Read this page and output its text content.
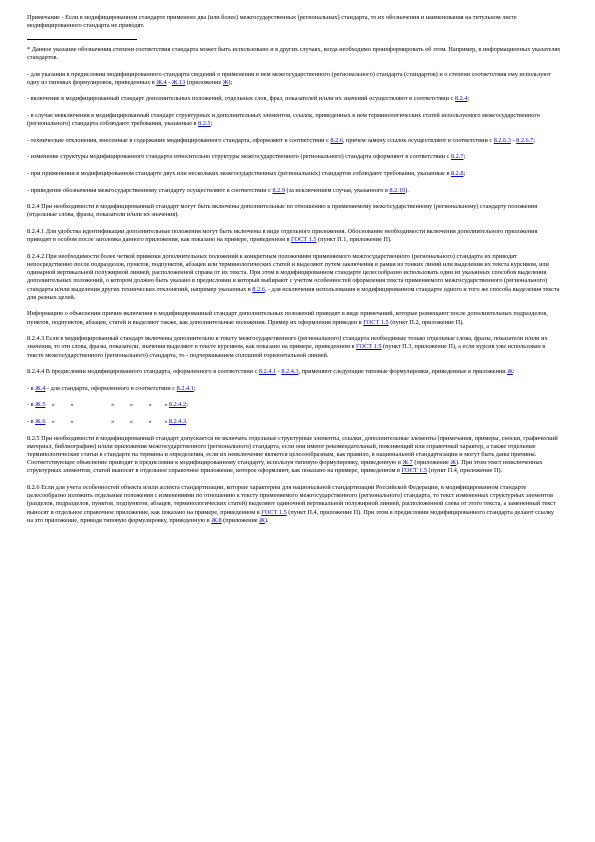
Примечание - Если в модифицированном стандарте применено два (или более) межгосударственных (региональных) стандарта, то их обозначения и наименования на титульном листе модифицированного стандарта не приводят.

* Данное указание обозначения степени соответствия стандарта может быть использовано и в других случаях, когда необходимо проинформировать об этом. Например, в информационных указателях стандартов.

- для указания в предисловии модифицированного стандарта сведений о применении в нем межгосударственного (регионального) стандарта (стандартов) и о степени соответствия ему используют одну из типовых формулировок, приведенных в Ж.4 - Ж.13 (приложение Ж);

- включение в модифицированный стандарт дополнительных положений, отдельных слов, фраз, показателей и/или их значений осуществляют в соответствии с 8.2.4;

- в случае невключения в модифицированный стандарт структурных и дополнительных элементов, ссылок, приведенных в нем терминологических статей используемого межгосударственного (регионального) стандарта соблюдают требования, указанные в 8.2.5;

- технические отклонения, внесенные в содержание модифицированного стандарта, оформляют в соответствии с 8.2.6, причем замену ссылок осуществляют в соответствии с 8.2.6.3 - 8.2.6.7;

- изменение структуры модифицированного стандарта относительно структуры межгосударственного (регионального) стандарта оформляют в соответствии с 8.2.7;

- при применении в модифицированном стандарте двух или нескольких межгосударственных (региональных) стандартов соблюдают требования, указанные в 8.2.8;

- приведение обозначения межгосударственному стандарту осуществляют в соответствии с 8.2.9 (за исключением случая, указанного в 8.2.10).

8.2.4 При необходимости в модифицированный стандарт могут быть включены дополнительные по отношению к применяемому межгосударственному (региональному) стандарту положения (отдельные слова, фразы, показатели и/или их значения).

8.2.4.1 Для удобства идентификации дополнительные положения могут быть включены в виде отдельного приложения. Обоснование необходимости включения дополнительного приложения приводят в особом после заголовка данного приложения, как показано на примере, приведенном в ГОСТ 1.5 (пункт П.1, приложение П).

8.2.4.2 При необходимости более четкой привязки дополнительных положений к конкретным положениям применяемого межгосударственного (регионального) стандарта их приводят непосредственно после подразделов, пунктов, подпунктов, абзацев или терминологических статей и выделяют путем заключения в рамки из тонких линий или выделения их текста курсивом, или одинарной вертикальной полужирной линией, расположенной справа от их текста. При этом в модифицированном стандарте целесообразно использовать один из указанных способов выделения дополнительных положений, о котором должно быть указано в предисловии и который выбирают с учетом особенностей оформления текста применяемого межгосударственного (регионального) стандарта и/или выделения других технических отклонений, например указанных в 8.2.6, - для исключения использования в модифицированном стандарте одного и того же способа выделения текста для разных целей.

Информацию о объяснении причин включения в модифицированный стандарт дополнительных положений приводят в виде примечаний, которые размещают после дополнительных подразделов, пунктов, подпунктов, абзацев, статей и выделяют также, как дополнительные положения. Пример их оформления приведен в ГОСТ 1.5 (пункт П.2, приложение П).

8.2.4.3 Если в модифицированный стандарт включены дополнительно к тексту межгосударственного (регионального) стандарта необходимые только отдельные слова, фразы, показатели и/или их значения, то эти слова, фразы, показатели, значения выделяют в тексте курсивом, как показано на примере, приведенном в ГОСТ 1.5 (пункт П.3, приложение П), а если курсив уже использован в тексте межгосударственного (регионального) стандарта, то - подчеркиванием сплошной горизонтальной линией.

8.2.4.4 В предисловии модифицированного стандарта, оформленного в соответствии с 8.2.4.1 - 8.2.4.3, применяют следующие типовые формулировки, приведенные в приложении Ж:

- в Ж.4 - для стандарта, оформленного в соответствии с 8.2.4.1;

- в Ж.5 »	»	»	»	» » 8.2.4.2;

- в Ж.6 »	»	»	»	» » 8.2.4.3.

8.2.5 При необходимости в модифицированный стандарт допускается не включать отдельные структурные элементы, ссылки, дополнительные элементы (примечания, примеры, сноски, графический материал, библиографию) и/или приложения межгосударственного (регионального) стандарта, если они имеют рекомендательный, поясняющий или справочный характер, а также отдельные терминологические статьи в стандарте на термины и определения, если их невключение является целесообразным, как правило, в национальной стандартизации и могут быть даны причины. Соответствующее объяснение приводят в предисловии к модифицированному стандарту, используя типовую формулировку, приведенную в Ж.7 (приложение Ж). При этом текст невключенных структурных элементов, статей выносят в отдельное справочное приложение, которое оформляют, как показано на примере, приведенном в ГОСТ 1.5 (пункт П.4, приложение П).

8.2.6 Если для учета особенностей объекта и/или аспекта стандартизации, которые характерны для национальной стандартизации Российской Федерации, в модифицированном стандарте целесообразно изложить отдельные положения с изменениями по отношению к тексту применяемого межгосударственного (регионального) стандарта, то текст измененных структурных элементов (разделов, подразделов, пунктов, подпунктов, абзацев, терминологических статей) выделяют одиночной вертикальной полужирной линией, расположенной слева от этого текста, а замененный текст выносят в отдельное справочное приложение, как показано на примере, приведенном в ГОСТ 1.5 (пункт П.4, приложение П). При этом в предисловии модифицированного стандарта делают ссылку на это приложение, приводя типовую формулировку, приведенную в Ж.8 (приложение Ж).
